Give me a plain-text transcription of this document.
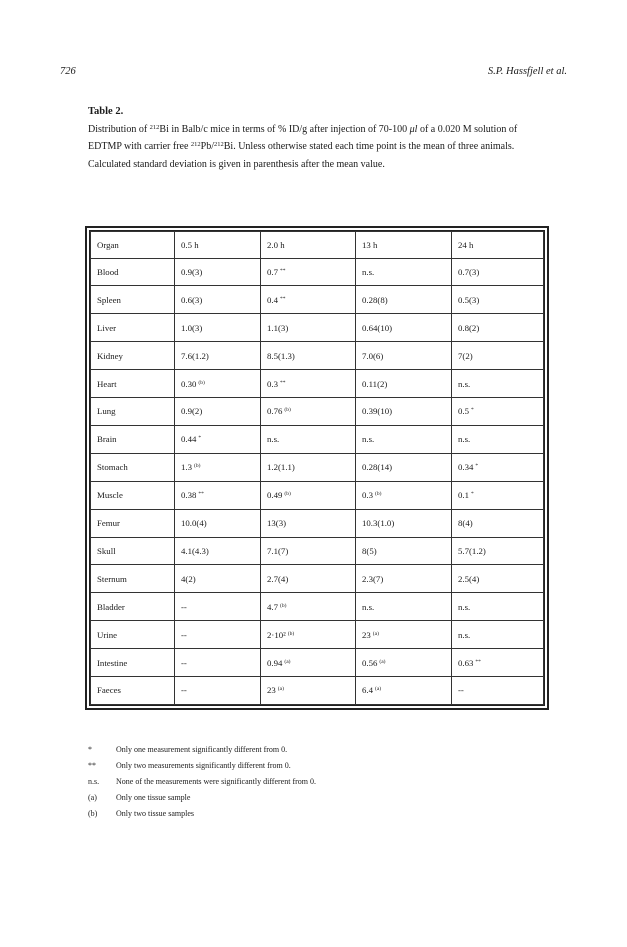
726	S.P. Hassfjell et al.
Table 2.
Distribution of $^{212}$Bi in Balb/c mice in terms of % ID/g after injection of 70-100 μl of a 0.020 M solution of EDTMP with carrier free $^{212}$Pb/$^{212}$Bi. Unless otherwise stated each time point is the mean of three animals. Calculated standard deviation is given in parenthesis after the mean value.
Organ	0.5 h	2.0 h	13 h	24 h
Blood	0.9(3)	0.7 **	n.s.	0.7(3)
Spleen	0.6(3)	0.4 **	0.28(8)	0.5(3)
Liver	1.0(3)	1.1(3)	0.64(10)	0.8(2)
Kidney	7.6(1.2)	8.5(1.3)	7.0(6)	7(2)
Heart	0.30 $^{(b)}$	0.3 **	0.11(2)	n.s.
Lung	0.9(2)	0.76 $^{(b)}$	0.39(10)	0.5 *
Brain	0.44 *	n.s.	n.s.	n.s.
Stomach	1.3 $^{(b)}$	1.2(1.1)	0.28(14)	0.34 *
Muscle	0.38 **	0.49 $^{(b)}$	0.3 $^{(b)}$	0.1 *
Femur	10.0(4)	13(3)	10.3(1.0)	8(4)
Skull	4.1(4.3)	7.1(7)	8(5)	5.7(1.2)
Sternum	4(2)	2.7(4)	2.3(7)	2.5(4)
Bladder	--	4.7 $^{(b)}$	n.s.	n.s.
Urine	--	2·10² $^{(b)}$	23 $^{(a)}$	n.s.
Intestine	--	0.94 $^{(a)}$	0.56 $^{(a)}$	0.63 **
Faeces	--	23 $^{(a)}$	6.4 $^{(a)}$	--
*	Only one measurement significantly different from 0.
**	Only two measurements significantly different from 0.
n.s.	None of the measurements were significantly different from 0.
(a)	Only one tissue sample
(b)	Only two tissue samples
